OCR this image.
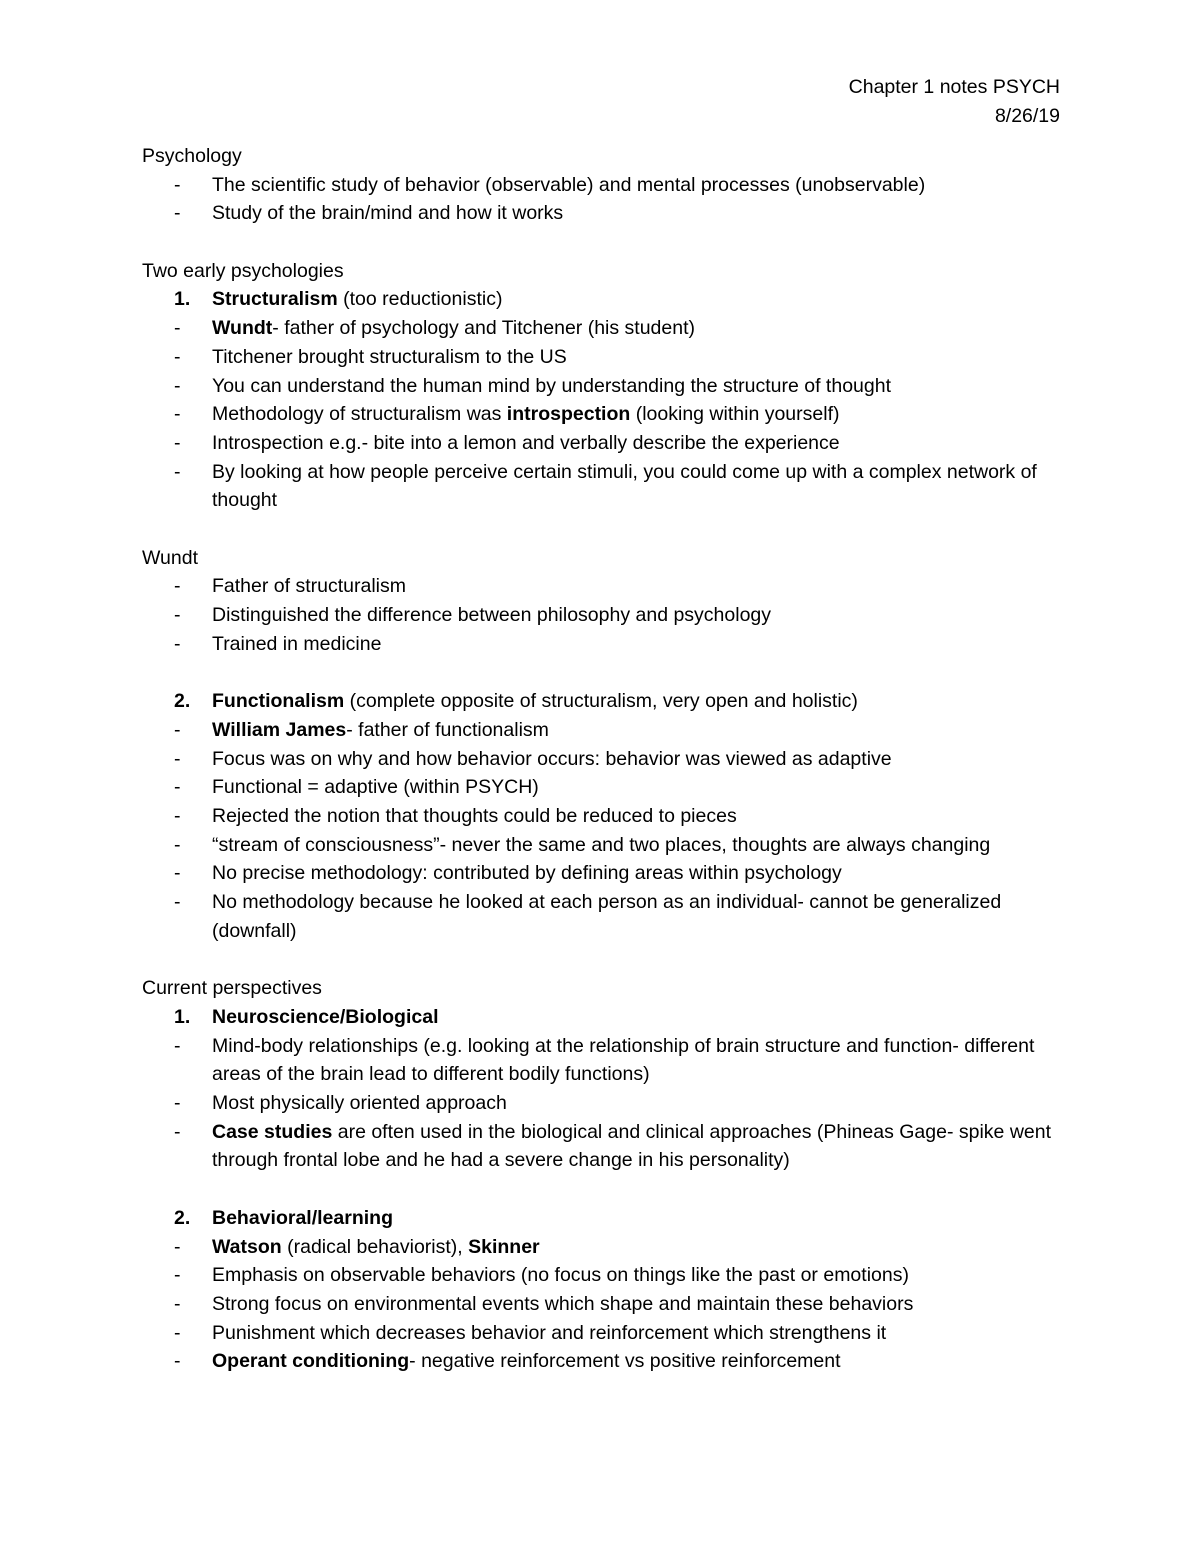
Chapter 1 notes PSYCH
8/26/19
Psychology
- The scientific study of behavior (observable) and mental processes (unobservable)
- Study of the brain/mind and how it works
Two early psychologies
1. Structuralism (too reductionistic)
- Wundt- father of psychology and Titchener (his student)
- Titchener brought structuralism to the US
- You can understand the human mind by understanding the structure of thought
- Methodology of structuralism was introspection (looking within yourself)
- Introspection e.g.- bite into a lemon and verbally describe the experience
- By looking at how people perceive certain stimuli, you could come up with a complex network of thought
Wundt
- Father of structuralism
- Distinguished the difference between philosophy and psychology
- Trained in medicine
2. Functionalism (complete opposite of structuralism, very open and holistic)
- William James- father of functionalism
- Focus was on why and how behavior occurs: behavior was viewed as adaptive
- Functional = adaptive (within PSYCH)
- Rejected the notion that thoughts could be reduced to pieces
- “stream of consciousness”- never the same and two places, thoughts are always changing
- No precise methodology: contributed by defining areas within psychology
- No methodology because he looked at each person as an individual- cannot be generalized (downfall)
Current perspectives
1. Neuroscience/Biological
- Mind-body relationships (e.g. looking at the relationship of brain structure and function- different areas of the brain lead to different bodily functions)
- Most physically oriented approach
- Case studies are often used in the biological and clinical approaches (Phineas Gage- spike went through frontal lobe and he had a severe change in his personality)
2. Behavioral/learning
- Watson (radical behaviorist), Skinner
- Emphasis on observable behaviors (no focus on things like the past or emotions)
- Strong focus on environmental events which shape and maintain these behaviors
- Punishment which decreases behavior and reinforcement which strengthens it
- Operant conditioning- negative reinforcement vs positive reinforcement
